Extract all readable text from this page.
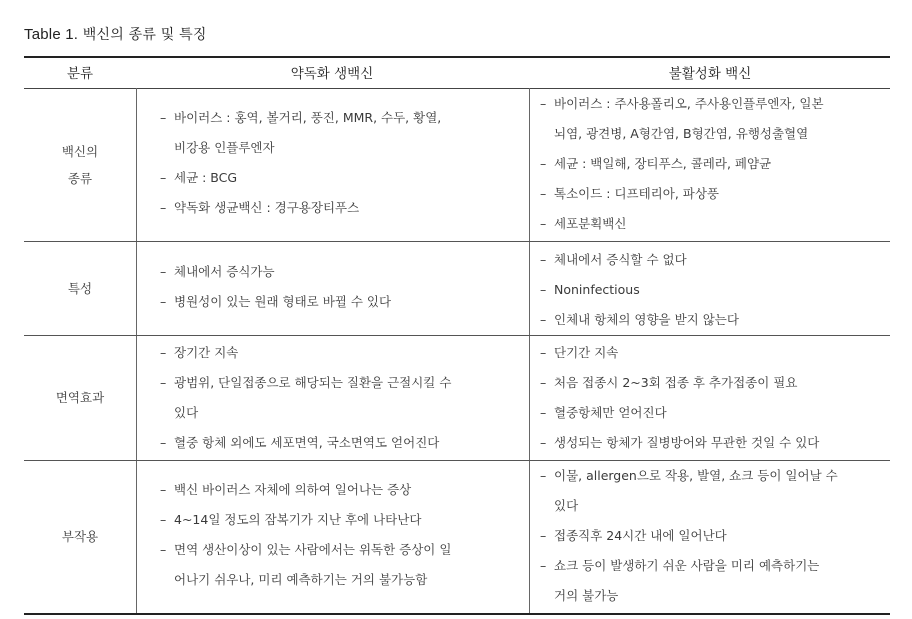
Table 1. 백신의 종류 및 특징
분류	약독화 생백신	불활성화 백신
백신의
종류
– 바이러스 : 홍역, 볼거리, 풍진, MMR, 수두, 황열,
비강용 인플루엔자
– 세균 : BCG
– 약독화 생균백신 : 경구용장티푸스
– 바이러스 : 주사용폴리오, 주사용인플루엔자, 일본
뇌염, 광견병, A형간염, B형간염, 유행성출혈열
– 세균 : 백일해, 장티푸스, 콜레라, 페얌균
– 톡소이드 : 디프테리아, 파상풍
– 세포분획백신
특성
– 체내에서 증식가능
– 병원성이 있는 원래 형태로 바뀔 수 있다
– 체내에서 증식할 수 없다
– Noninfectious
– 인체내 항체의 영향을 받지 않는다
면역효과
– 장기간 지속
– 광범위, 단일접종으로 해당되는 질환을 근절시킬 수
있다
– 혈중 항체 외에도 세포면역, 국소면역도 얻어진다
– 단기간 지속
– 처음 접종시 2~3회 접종 후 추가접종이 필요
– 혈중항체만 얻어진다
– 생성되는 항체가 질병방어와 무관한 것일 수 있다
부작용
– 백신 바이러스 자체에 의하여 일어나는 증상
– 4~14일 정도의 잠복기가 지난 후에 나타난다
– 면역 생산이상이 있는 사람에서는 위독한 증상이 일
어나기 쉬우나, 미리 예측하기는 거의 불가능함
– 이물, allergen으로 작용, 발열, 쇼크 등이 일어날 수
있다
– 접종직후 24시간 내에 일어난다
– 쇼크 등이 발생하기 쉬운 사람을 미리 예측하기는
거의 불가능
